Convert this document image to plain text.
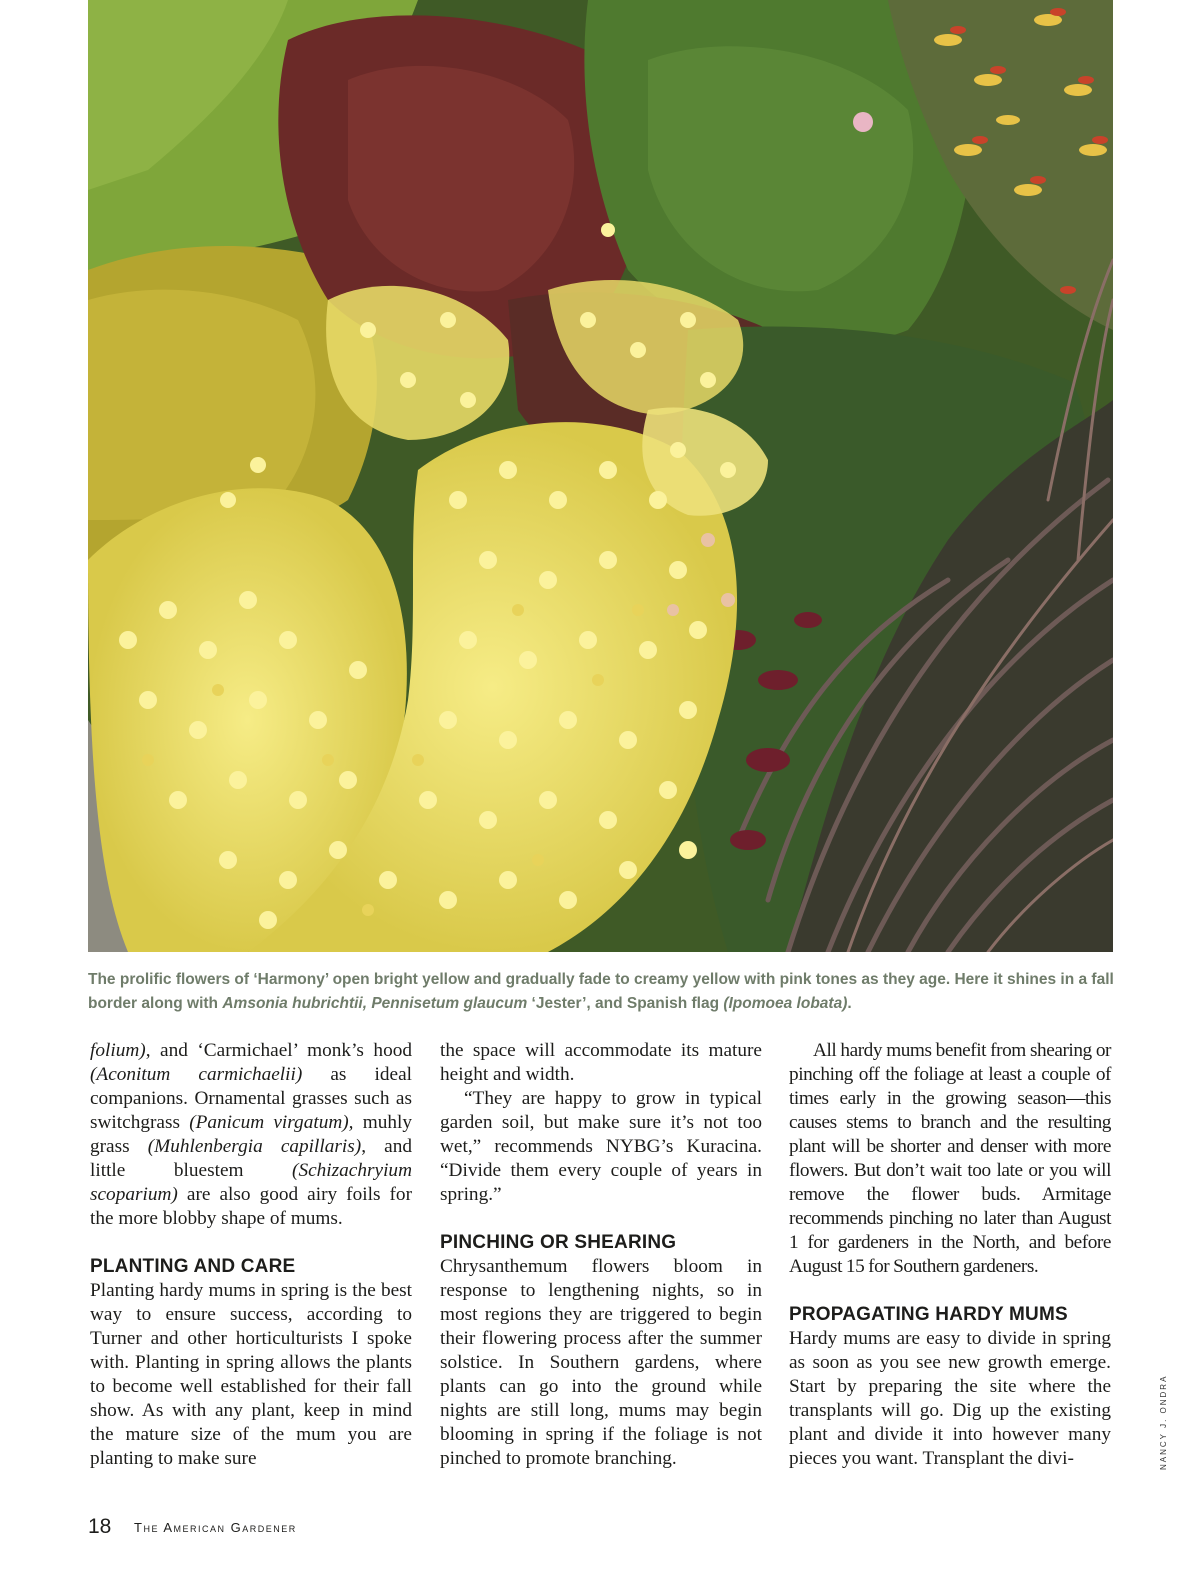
The prolific flowers of ‘Harmony’ open bright yellow and gradually fade to creamy yellow with pink tones as they age. Here it shines in a fall border along with Amsonia hubrichtii, Pennisetum glaucum ‘Jester’, and Spanish flag (Ipomoea lobata).

folium), and ‘Carmichael’ monk’s hood (Aconitum carmichaelii) as ideal companions. Ornamental grasses such as switchgrass (Panicum virgatum), muhly grass (Muhlenbergia capillaris), and little bluestem (Schizachryium scoparium) are also good airy foils for the more blobby shape of mums.

PLANTING AND CARE

Planting hardy mums in spring is the best way to ensure success, according to Turner and other horticulturists I spoke with. Planting in spring allows the plants to become well established for their fall show. As with any plant, keep in mind the mature size of the mum you are planting to make sure

the space will accommodate its mature height and width.

“They are happy to grow in typical garden soil, but make sure it’s not too wet,” recommends NYBG’s Kuracina. “Divide them every couple of years in spring.”

PINCHING OR SHEARING

Chrysanthemum flowers bloom in response to lengthening nights, so in most regions they are triggered to begin their flowering process after the summer solstice. In Southern gardens, where plants can go into the ground while nights are still long, mums may begin blooming in spring if the foliage is not pinched to promote branching.

All hardy mums benefit from shearing or pinching off the foliage at least a couple of times early in the growing season—this causes stems to branch and the resulting plant will be shorter and denser with more flowers. But don’t wait too late or you will remove the flower buds. Armitage recommends pinching no later than August 1 for gardeners in the North, and before August 15 for Southern gardeners.

PROPAGATING HARDY MUMS

Hardy mums are easy to divide in spring as soon as you see new growth emerge. Start by preparing the site where the transplants will go. Dig up the existing plant and divide it into however many pieces you want. Transplant the divi-

18 The American Gardener
NANCY J. ONDRA
